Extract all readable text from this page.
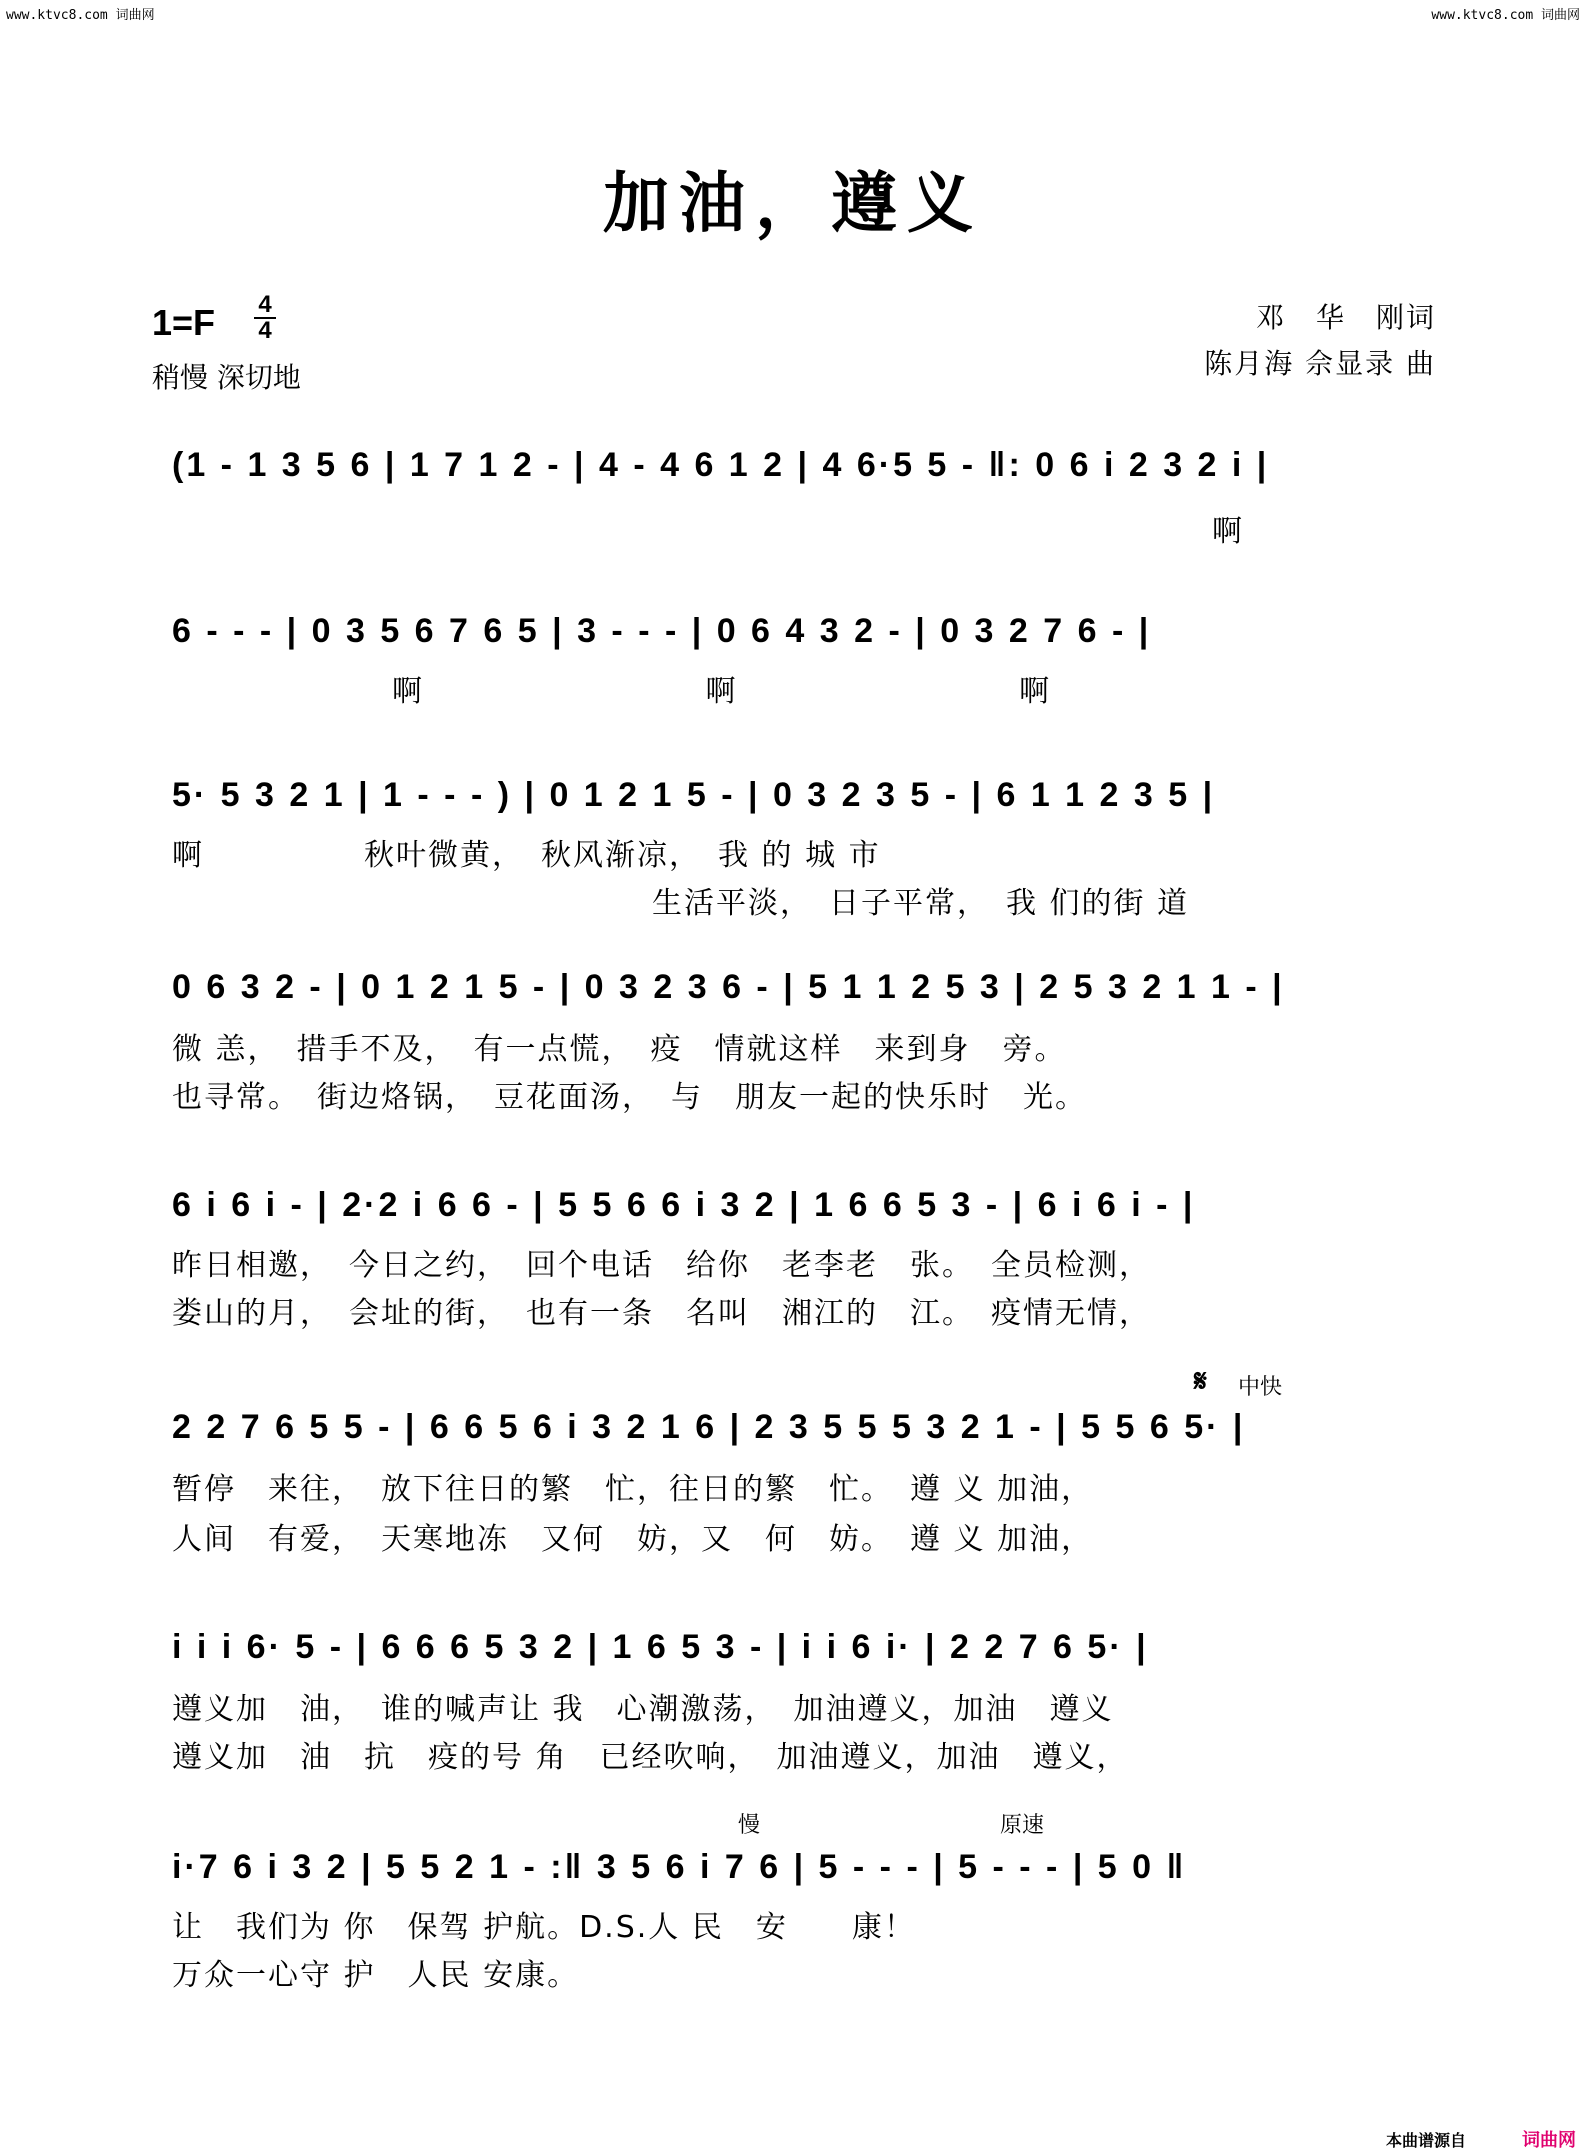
www.ktvc8.com 词曲网	www.ktvc8.com 词曲网
加油，遵义
1=F 4
4
稍慢 深切地
邓　华　刚词
陈月海 佘显录 曲
(1 - 1 3 5 6 | 1 7 1 2 - | 4 - 4 6 1 2 | 4 6·5 5 - ‖: 0 6 i 2 3 2 i |
啊
6 - - - | 0 3 5 6 7 6 5 | 3 - - - | 0 6 4 3 2 - | 0 3 2 7 6 - |
啊 啊 啊
5· 5 3 2 1 | 1 - - - ) | 0 1 2 1 5 - | 0 3 2 3 5 - | 6 1 1 2 3 5 |
啊　　　　　秋叶微黄，　秋风渐凉，　我 的 城 市
生活平淡，　日子平常，　我 们的街 道
0 6 3 2 - | 0 1 2 1 5 - | 0 3 2 3 6 - | 5 1 1 2 5 3 | 2 5 3 2 1 1 - |
微 恙，　措手不及，　有一点慌，　疫　情就这样　来到身　旁。
也寻常。　街边烙锅，　豆花面汤，　与　朋友一起的快乐时　光。
6 i 6 i - | 2·2 i 6 6 - | 5 5 6 6 i 3 2 | 1 6 6 5 3 - | 6 i 6 i - |
昨日相邀，　今日之约，　回个电话　给你　老李老　张。　全员检测，
娄山的月，　会址的街，　也有一条　名叫　湘江的　江。　疫情无情，
𝄋 中快
2 2 7 6 5 5 - | 6 6 5 6 i 3 2 1 6 | 2 3 5 5 5 3 2 1 - | 5 5 6 5· |
暂停　来往，　放下往日的繁　忙，往日的繁　忙。　遵 义 加油，
人间　有爱，　天寒地冻　又何　妨，又　何　妨。　遵 义 加油，
i i i 6· 5 - | 6 6 6 5 3 2 | 1 6 5 3 - | i i 6 i· | 2 2 7 6 5· |
遵义加　油，　谁的喊声让 我　心潮激荡，　加油遵义，加油　遵义
遵义加　油　抗　疫的号 角　已经吹响，　加油遵义，加油　遵义，
慢	原速
i·7 6 i 3 2 | 5 5 2 1 - :‖ 3 5 6 i 7 6 | 5 - - - | 5 - - - | 5 0 ‖
让　我们为 你　保驾 护航。D.S.人 民　安　　康！
万众一心守 护　人民 安康。
本曲谱源自	词曲网
